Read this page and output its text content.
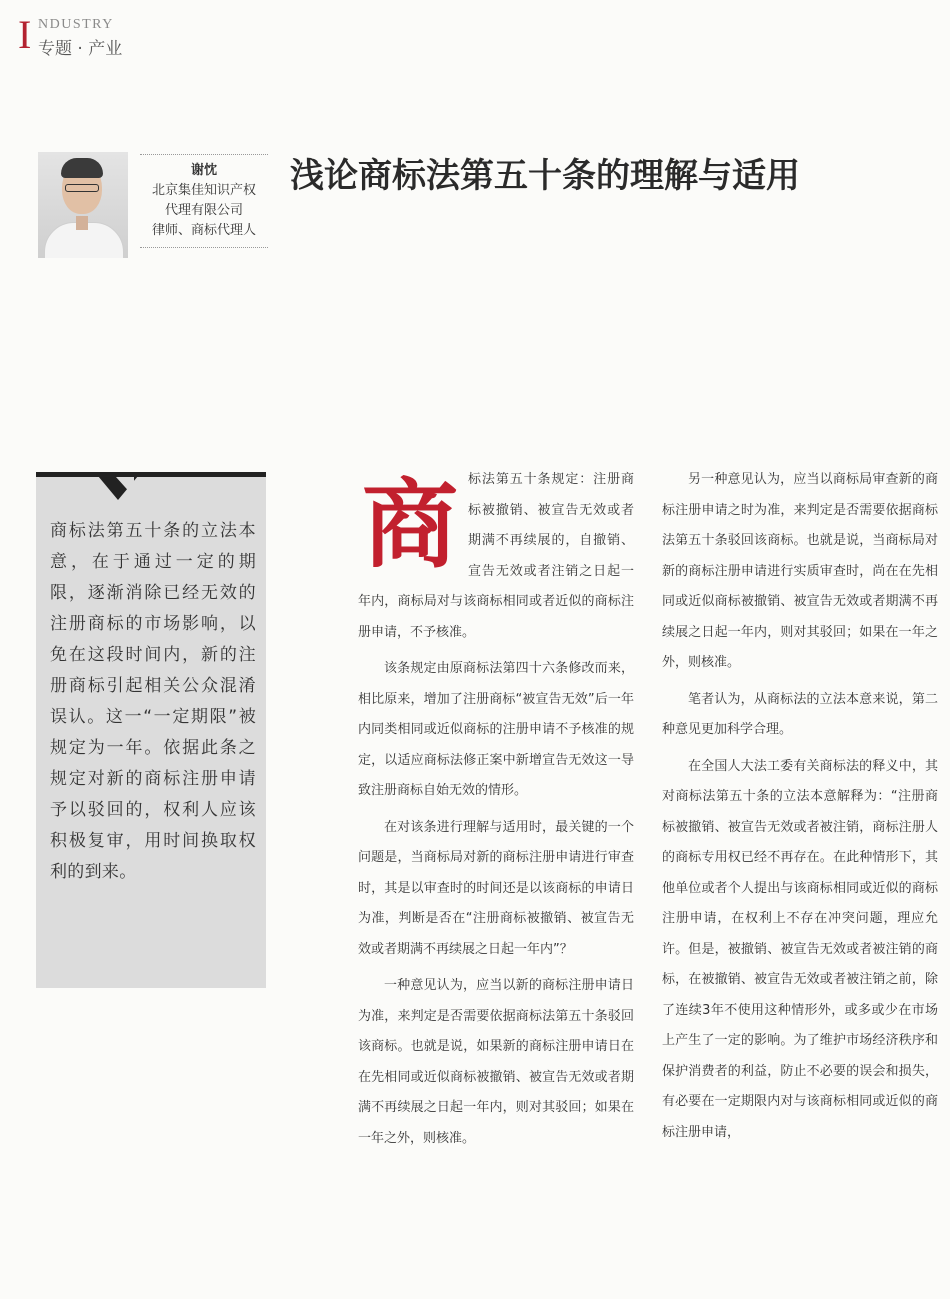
I NDUSTRY
专题 · 产业
谢忱
北京集佳知识产权
代理有限公司
律师、商标代理人
浅论商标法第五十条的理解与适用
商标法第五十条的立法本意，在于通过一定的期限，逐渐消除已经无效的注册商标的市场影响，以免在这段时间内，新的注册商标引起相关公众混淆误认。这一“一定期限”被规定为一年。依据此条之规定对新的商标注册申请予以驳回的，权利人应该积极复审，用时间换取权利的到来。

商标法第五十条规定：注册商标被撤销、被宣告无效或者期满不再续展的，自撤销、宣告无效或者注销之日起一年内，商标局对与该商标相同或者近似的商标注册申请，不予核准。

该条规定由原商标法第四十六条修改而来，相比原来，增加了注册商标“被宣告无效”后一年内同类相同或近似商标的注册申请不予核准的规定，以适应商标法修正案中新增宣告无效这一导致注册商标自始无效的情形。

在对该条进行理解与适用时，最关键的一个问题是，当商标局对新的商标注册申请进行审查时，其是以审查时的时间还是以该商标的申请日为准，判断是否在“注册商标被撤销、被宣告无效或者期满不再续展之日起一年内”？

一种意见认为，应当以新的商标注册申请日为准，来判定是否需要依据商标法第五十条驳回该商标。也就是说，如果新的商标注册申请日在在先相同或近似商标被撤销、被宣告无效或者期满不再续展之日起一年内，则对其驳回；如果在一年之外，则核准。

另一种意见认为，应当以商标局审查新的商标注册申请之时为准，来判定是否需要依据商标法第五十条驳回该商标。也就是说，当商标局对新的商标注册申请进行实质审查时，尚在在先相同或近似商标被撤销、被宣告无效或者期满不再续展之日起一年内，则对其驳回；如果在一年之外，则核准。

笔者认为，从商标法的立法本意来说，第二种意见更加科学合理。

在全国人大法工委有关商标法的释义中，其对商标法第五十条的立法本意解释为：“注册商标被撤销、被宣告无效或者被注销，商标注册人的商标专用权已经不再存在。在此种情形下，其他单位或者个人提出与该商标相同或近似的商标注册申请，在权利上不存在冲突问题，理应允许。但是，被撤销、被宣告无效或者被注销的商标，在被撤销、被宣告无效或者被注销之前，除了连续3年不使用这种情形外，或多或少在市场上产生了一定的影响。为了维护市场经济秩序和保护消费者的利益，防止不必要的误会和损失，有必要在一定期限内对与该商标相同或近似的商标注册申请，
